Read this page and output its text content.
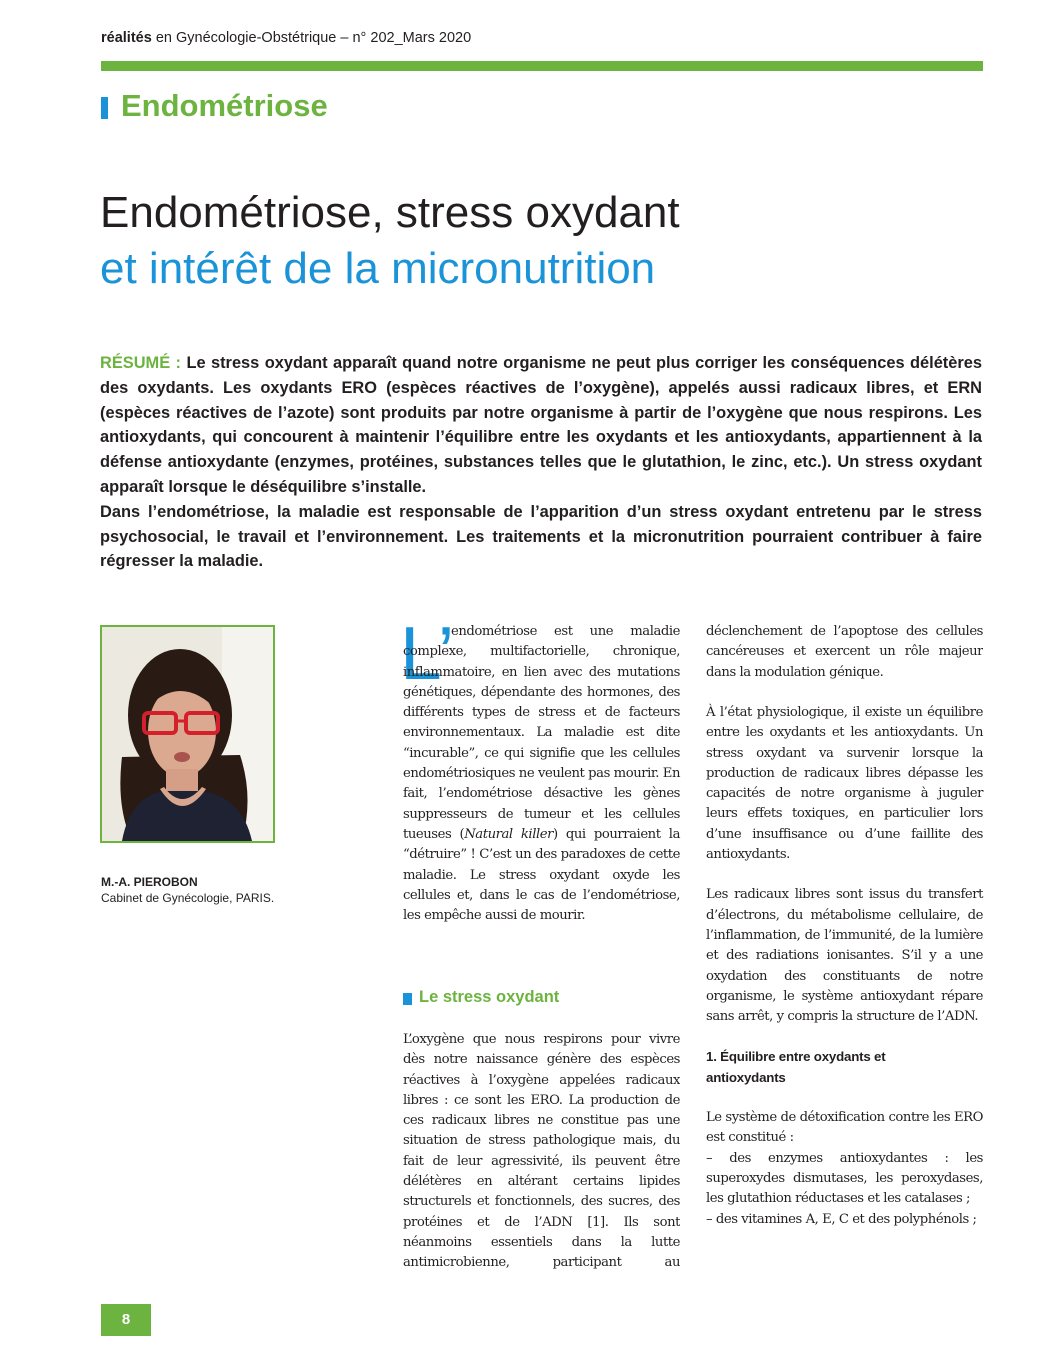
réalités en Gynécologie-Obstétrique – n° 202_Mars 2020
Endométriose
Endométriose, stress oxydant
et intérêt de la micronutrition

RÉSUMÉ : Le stress oxydant apparaît quand notre organisme ne peut plus corriger les conséquences délétères des oxydants. Les oxydants ERO (espèces réactives de l’oxygène), appelés aussi radicaux libres, et ERN (espèces réactives de l’azote) sont produits par notre organisme à partir de l’oxygène que nous respirons. Les antioxydants, qui concourent à maintenir l’équilibre entre les oxydants et les antioxydants, appartiennent à la défense antioxydante (enzymes, protéines, substances telles que le glutathion, le zinc, etc.). Un stress oxydant apparaît lorsque le déséquilibre s’installe.

Dans l’endométriose, la maladie est responsable de l’apparition d’un stress oxydant entretenu par le stress psychosocial, le travail et l’environnement. Les traitements et la micronutrition pourraient contribuer à faire régresser la maladie.

M.-A. PIEROBON
Cabinet de Gynécologie, PARIS.
L’

endométriose est une maladie complexe, multifactorielle, chronique, inflammatoire, en lien avec des mutations génétiques, dépendante des hormones, des différents types de stress et de facteurs environnementaux. La maladie est dite “incurable”, ce qui signifie que les cellules endométriosiques ne veulent pas mourir. En fait, l’endométriose désactive les gènes suppresseurs de tumeur et les cellules tueuses (Natural killer) qui pourraient la “détruire” ! C’est un des paradoxes de cette maladie. Le stress oxydant oxyde les cellules et, dans le cas de l’endométriose, les empêche aussi de mourir.

Le stress oxydant

L’oxygène que nous respirons pour vivre dès notre naissance génère des espèces réactives à l’oxygène appelées radicaux libres : ce sont les ERO. La production de ces radicaux libres ne constitue pas une situation de stress pathologique mais, du fait de leur agressivité, ils peuvent être délétères en altérant certains lipides structurels et fonctionnels, des sucres, des protéines et de l’ADN [1]. Ils sont néanmoins essentiels dans la lutte antimicrobienne, participant au

déclenchement de l’apoptose des cellules cancéreuses et exercent un rôle majeur dans la modulation génique.

À l’état physiologique, il existe un équilibre entre les oxydants et les antioxydants. Un stress oxydant va survenir lorsque la production de radicaux libres dépasse les capacités de notre organisme à juguler leurs effets toxiques, en particulier lors d’une insuffisance ou d’une faillite des antioxydants.

Les radicaux libres sont issus du transfert d’électrons, du métabolisme cellulaire, de l’inflammation, de l’immunité, de la lumière et des radiations ionisantes. S’il y a une oxydation des constituants de notre organisme, le système antioxydant répare sans arrêt, y compris la structure de l’ADN.

1. Équilibre entre oxydants et
antioxydants

Le système de détoxification contre les ERO est constitué :

– des enzymes antioxydantes : les superoxydes dismutases, les peroxydases, les glutathion réductases et les catalases ;

– des vitamines A, E, C et des polyphénols ;

8
